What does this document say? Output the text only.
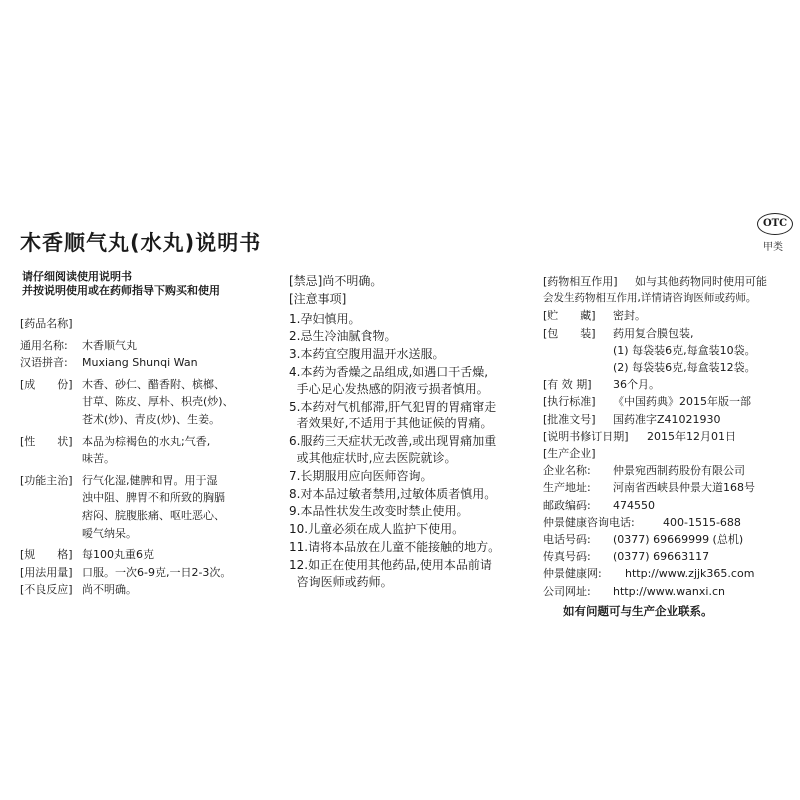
木香顺气丸(水丸)说明书
OTC
甲类
请仔细阅读使用说明书
并按说明使用或在药师指导下购买和使用
[药品名称]
通用名称:	木香顺气丸
汉语拼音:	Muxiang Shunqi Wan
[成　　份] 木香、砂仁、醋香附、槟榔、
甘草、陈皮、厚朴、枳壳(炒)、
苍术(炒)、青皮(炒)、生姜。
[性　　状] 本品为棕褐色的水丸;气香,
味苦。
[功能主治] 行气化湿,健脾和胃。用于湿
浊中阻、脾胃不和所致的胸膈
痞闷、脘腹胀痛、呕吐恶心、
嗳气纳呆。
[规　　格] 每100丸重6克
[用法用量] 口服。一次6-9克,一日2-3次。
[不良反应] 尚不明确。
[禁忌]尚不明确。
[注意事项]
1.孕妇慎用。
2.忌生冷油腻食物。
3.本药宜空腹用温开水送服。
4.本药为香燥之品组成,如遇口干舌燥,
手心足心发热感的阴液亏损者慎用。
5.本药对气机郁滞,肝气犯胃的胃痛窜走
者效果好,不适用于其他证候的胃痛。
6.服药三天症状无改善,或出现胃痛加重
或其他症状时,应去医院就诊。
7.长期服用应向医师咨询。
8.对本品过敏者禁用,过敏体质者慎用。
9.本品性状发生改变时禁止使用。
10.儿童必须在成人监护下使用。
11.请将本品放在儿童不能接触的地方。
12.如正在使用其他药品,使用本品前请
咨询医师或药师。
[药物相互作用]	如与其他药物同时使用可能
会发生药物相互作用,详情请咨询医师或药师。
[贮　　藏]	密封。
[包　　装]	药用复合膜包装,
(1) 每袋装6克,每盒装10袋。
(2) 每袋装6克,每盒装12袋。
[有 效 期]	36个月。
[执行标准]	《中国药典》2015年版一部
[批准文号]	国药准字Z41021930
[说明书修订日期]	2015年12月01日
[生产企业]
企业名称:	仲景宛西制药股份有限公司
生产地址:	河南省西峡县仲景大道168号
邮政编码:	474550
仲景健康咨询电话:	400-1515-688
电话号码:	(0377) 69669999 (总机)
传真号码:	(0377) 69663117
仲景健康网:	http://www.zjjk365.com
公司网址:	http://www.wanxi.cn
如有问题可与生产企业联系。
